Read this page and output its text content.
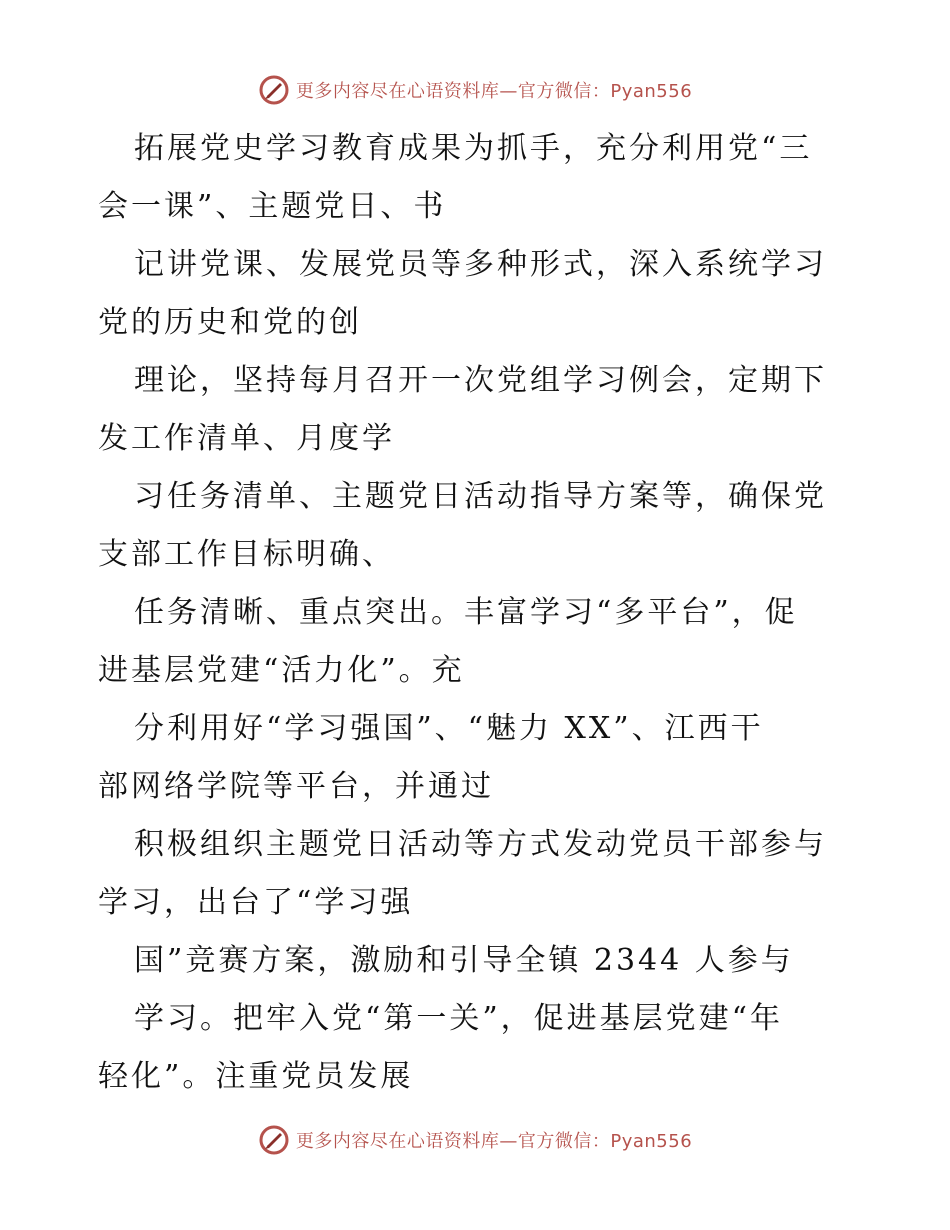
更多内容尽在心语资料库—官方微信：Pyan556
拓展党史学习教育成果为抓手，充分利用党“三
会一课”、主题党日、书
记讲党课、发展党员等多种形式，深入系统学习
党的历史和党的创
理论，坚持每月召开一次党组学习例会，定期下
发工作清单、月度学
习任务清单、主题党日活动指导方案等，确保党
支部工作目标明确、
任务清晰、重点突出。丰富学习“多平台”，促
进基层党建“活力化”。充
分利用好“学习强国”、“魅力 XX”、江西干
部网络学院等平台，并通过
积极组织主题党日活动等方式发动党员干部参与
学习，出台了“学习强
国”竞赛方案，激励和引导全镇 2344 人参与
学习。把牢入党“第一关”，促进基层党建“年
轻化”。注重党员发展
更多内容尽在心语资料库—官方微信：Pyan556
